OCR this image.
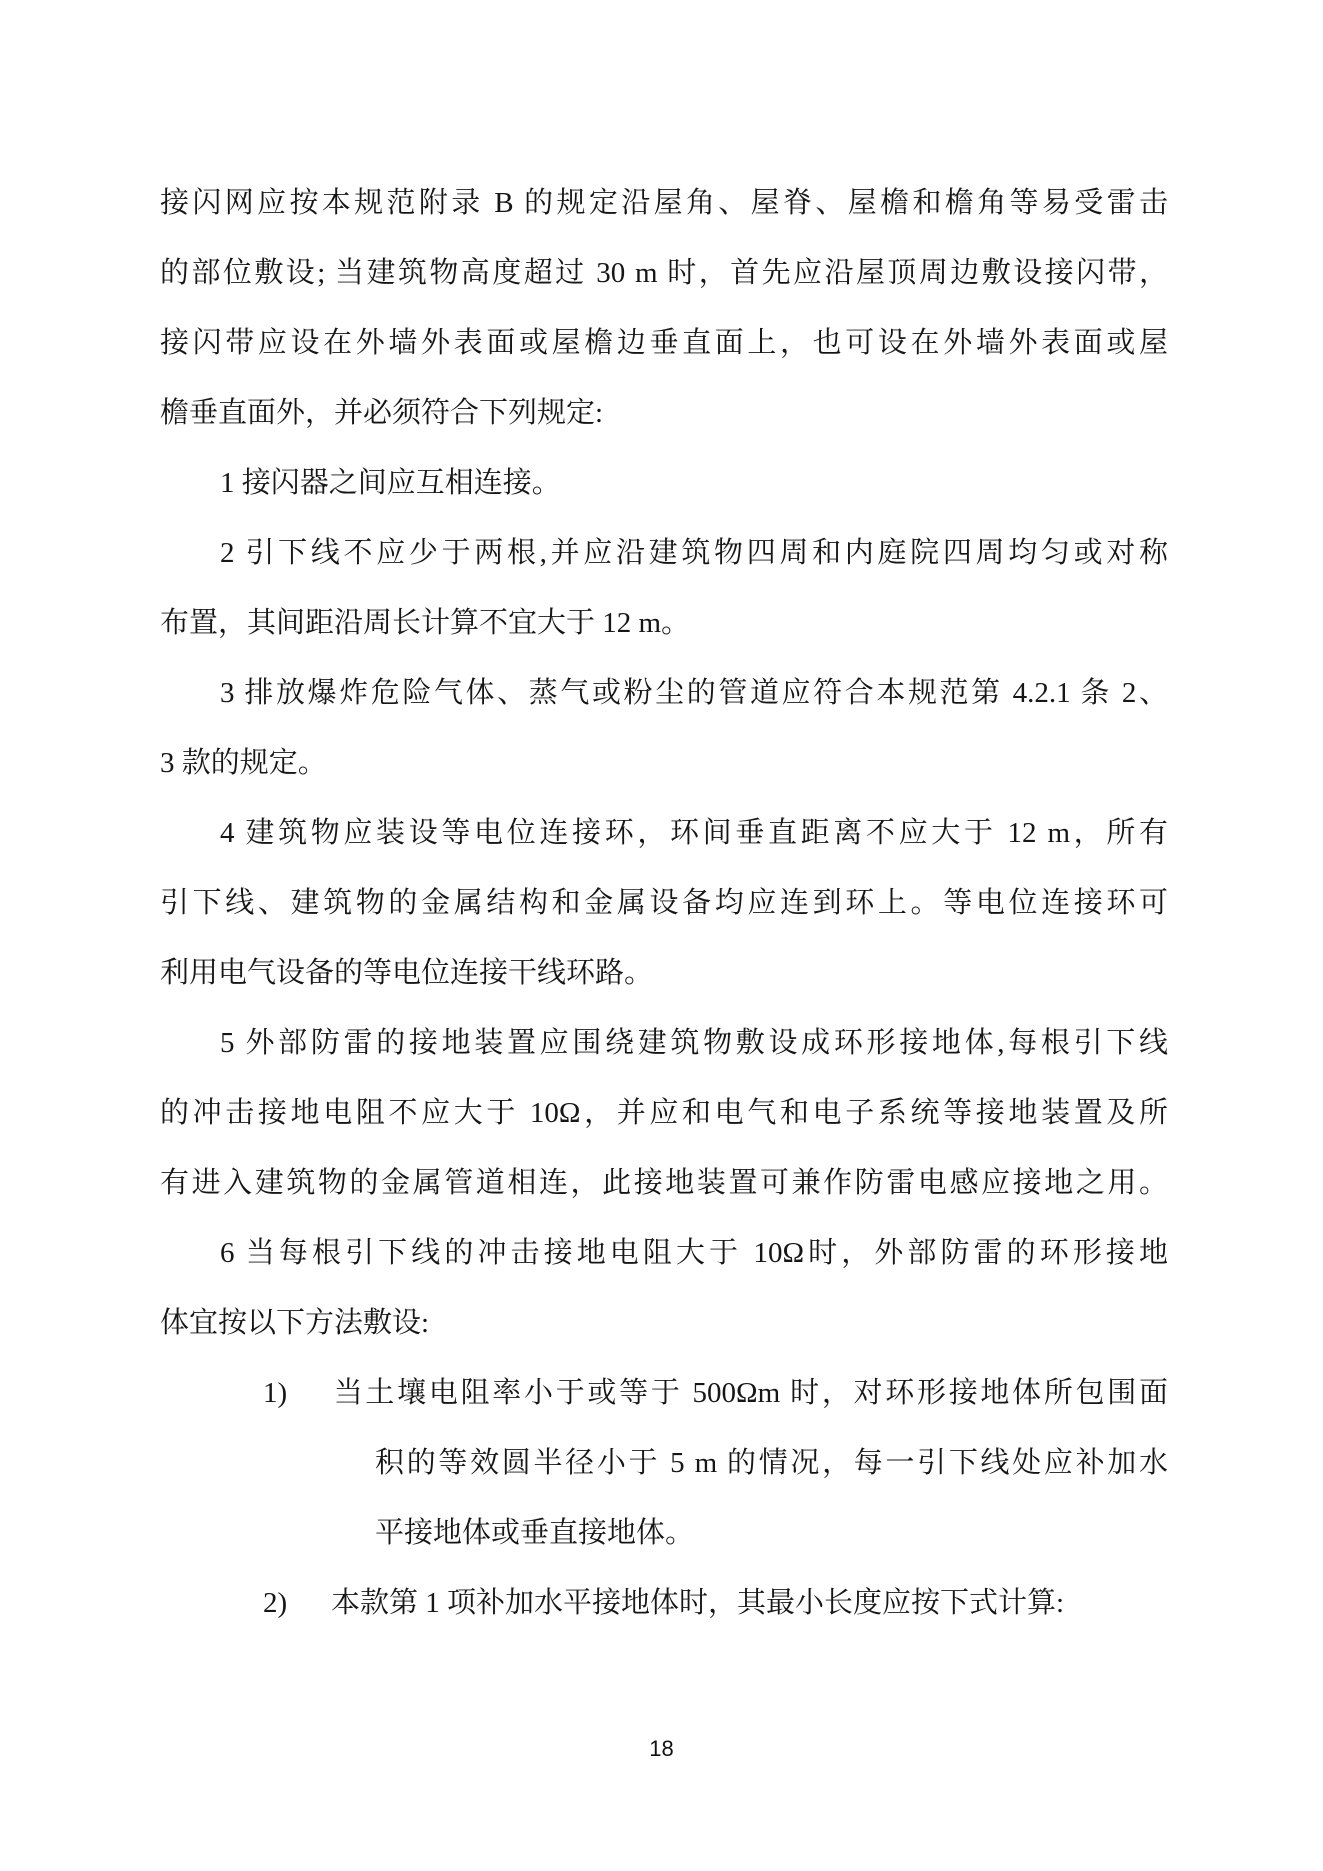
接闪网应按本规范附录 B 的规定沿屋角、屋脊、屋檐和檐角等易受雷击
的部位敷设; 当建筑物高度超过 30 m 时，首先应沿屋顶周边敷设接闪带，
接闪带应设在外墙外表面或屋檐边垂直面上，也可设在外墙外表面或屋
檐垂直面外，并必须符合下列规定:
1 接闪器之间应互相连接。
2 引下线不应少于两根,并应沿建筑物四周和内庭院四周均匀或对称
布置，其间距沿周长计算不宜大于 12 m。
3 排放爆炸危险气体、蒸气或粉尘的管道应符合本规范第 4.2.1 条 2、
3 款的规定。
4 建筑物应装设等电位连接环，环间垂直距离不应大于 12 m，所有
引下线、建筑物的金属结构和金属设备均应连到环上。等电位连接环可
利用电气设备的等电位连接干线环路。
5 外部防雷的接地装置应围绕建筑物敷设成环形接地体,每根引下线
的冲击接地电阻不应大于 10Ω，并应和电气和电子系统等接地装置及所
有进入建筑物的金属管道相连，此接地装置可兼作防雷电感应接地之用。
6 当每根引下线的冲击接地电阻大于 10Ω时，外部防雷的环形接地
体宜按以下方法敷设:
1) 当土壤电阻率小于或等于 500Ωm 时，对环形接地体所包围面
积的等效圆半径小于 5 m 的情况，每一引下线处应补加水
平接地体或垂直接地体。
2) 本款第 1 项补加水平接地体时，其最小长度应按下式计算:
18
